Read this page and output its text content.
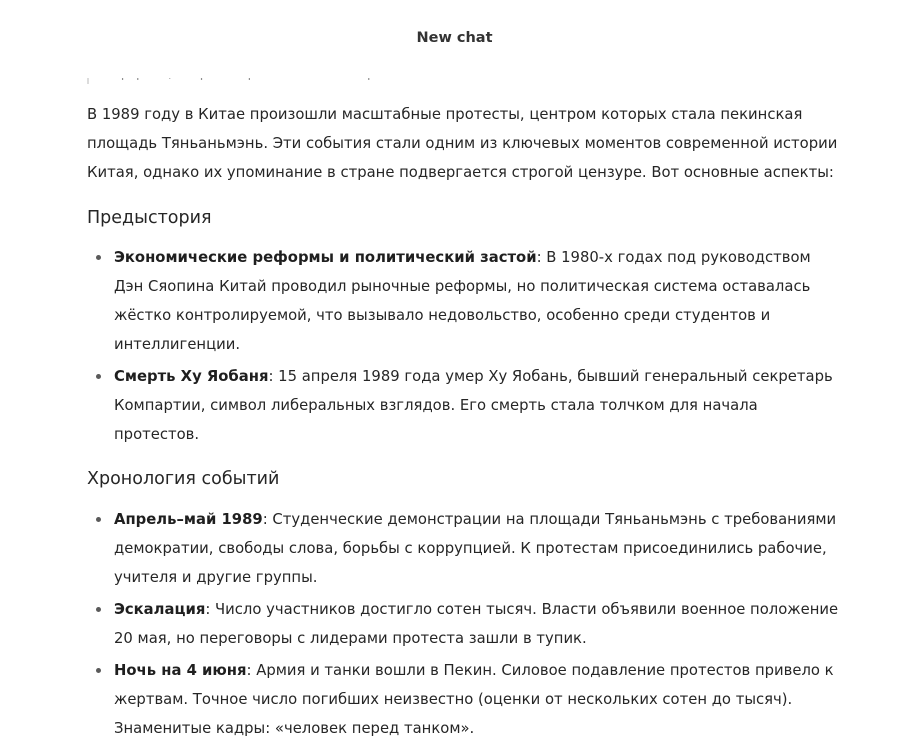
New chat

В 1989 году в Китае произошли масштабные протесты, центром которых стала пекинская площадь Тяньаньмэнь. Эти события стали одним из ключевых моментов современной истории Китая, однако их упоминание в стране подвергается строгой цензуре. Вот основные аспекты:

Предыстория
Экономические реформы и политический застой: В 1980-х годах под руководством Дэн Сяопина Китай проводил рыночные реформы, но политическая система оставалась жёстко контролируемой, что вызывало недовольство, особенно среди студентов и интеллигенции.
Смерть Ху Яобаня: 15 апреля 1989 года умер Ху Яобань, бывший генеральный секретарь Компартии, символ либеральных взглядов. Его смерть стала толчком для начала протестов.
Хронология событий
Апрель–май 1989: Студенческие демонстрации на площади Тяньаньмэнь с требованиями демократии, свободы слова, борьбы с коррупцией. К протестам присоединились рабочие, учителя и другие группы.
Эскалация: Число участников достигло сотен тысяч. Власти объявили военное положение 20 мая, но переговоры с лидерами протеста зашли в тупик.
Ночь на 4 июня: Армия и танки вошли в Пекин. Силовое подавление протестов привело к жертвам. Точное число погибших неизвестно (оценки от нескольких сотен до тысяч). Знаменитые кадры: «человек перед танком».
